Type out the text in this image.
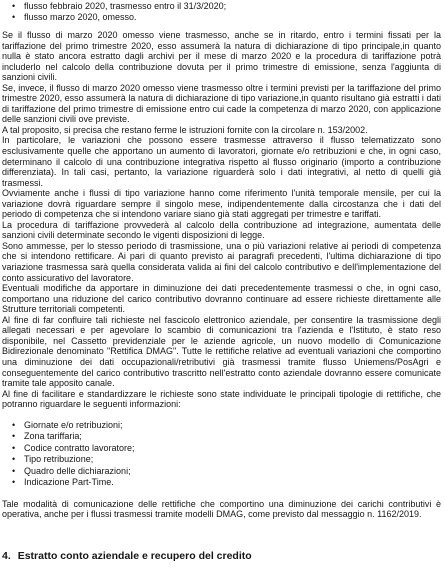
• flusso febbraio 2020, trasmesso entro il 31/3/2020;
• flusso marzo 2020, omesso.

Se il flusso di marzo 2020 omesso viene trasmesso, anche se in ritardo, entro i termini fissati per la tariffazione del primo trimestre 2020, esso assumerà la natura di dichiarazione di tipo principale,in quanto nulla è stato ancora estratto dagli archivi per il mese di marzo 2020 e la procedura di tariffazione potrà includerlo nel calcolo della contribuzione dovuta per il primo trimestre di emissione, senza l'aggiunta di sanzioni civili.

Se, invece, il flusso di marzo 2020 omesso viene trasmesso oltre i termini previsti per la tariffazione del primo trimestre 2020, esso assumerà la natura di dichiarazione di tipo variazione,in quanto risultano già estratti i dati di tariffazione del primo trimestre di emissione entro cui cade la competenza di marzo 2020, con applicazione delle sanzioni civili ove previste.

A tal proposito, si precisa che restano ferme le istruzioni fornite con la circolare n. 153/2002.

In particolare, le variazioni che possono essere trasmesse attraverso il flusso telematizzato sono esclusivamente quelle che apportano un aumento di lavoratori, giornate e/o retribuzioni e che, in ogni caso, determinano il calcolo di una contribuzione integrativa rispetto al flusso originario (importo a contribuzione differenziata). In tali casi, pertanto, la variazione riguarderà solo i dati integrativi, al netto di quelli già trasmessi.

Ovviamente anche i flussi di tipo variazione hanno come riferimento l'unità temporale mensile, per cui la variazione dovrà riguardare sempre il singolo mese, indipendentemente dalla circostanza che i dati del periodo di competenza che si intendono variare siano già stati aggregati per trimestre e tariffati.

La procedura di tariffazione provvederà al calcolo della contribuzione ad integrazione, aumentata delle sanzioni civili determinate secondo le vigenti disposizioni di legge.

Sono ammesse, per lo stesso periodo di trasmissione, una o più variazioni relative ai periodi di competenza che si intendono rettificare. Ai pari di quanto previsto ai paragrafi precedenti, l'ultima dichiarazione di tipo variazione trasmessa sarà quella considerata valida ai fini del calcolo contributivo e dell'implementazione del conto assicurativo del lavoratore.

Eventuali modifiche da apportare in diminuzione dei dati precedentemente trasmessi o che, in ogni caso, comportano una riduzione del carico contributivo dovranno continuare ad essere richieste direttamente alle Strutture territoriali competenti.

Al fine di far confluire tali richieste nel fascicolo elettronico aziendale, per consentire la trasmissione degli allegati necessari e per agevolare lo scambio di comunicazioni tra l'azienda e l'Istituto, è stato reso disponibile, nel Cassetto previdenziale per le aziende agricole, un nuovo modello di Comunicazione Bidirezionale denominato "Rettifica DMAG". Tutte le rettifiche relative ad eventuali variazioni che comportino una diminuzione dei dati occupazionali/retributivi già trasmessi tramite flusso Uniemens/PosAgri e conseguentemente del carico contributivo trascritto nell'estratto conto aziendale dovranno essere comunicate tramite tale apposito canale.

Al fine di facilitare e standardizzare le richieste sono state individuate le principali tipologie di rettifiche, che potranno riguardare le seguenti informazioni:

• Giornate e/o retribuzioni;
• Zona tariffaria;
• Codice contratto lavoratore;
• Tipo retribuzione;
• Quadro delle dichiarazioni;
• Indicazione Part-Time.

Tale modalità di comunicazione delle rettifiche che comportino una diminuzione dei carichi contributivi è operativa, anche per i flussi trasmessi tramite modelli DMAG, come previsto dal messaggio n. 1162/2019.

4. Estratto conto aziendale e recupero del credito
